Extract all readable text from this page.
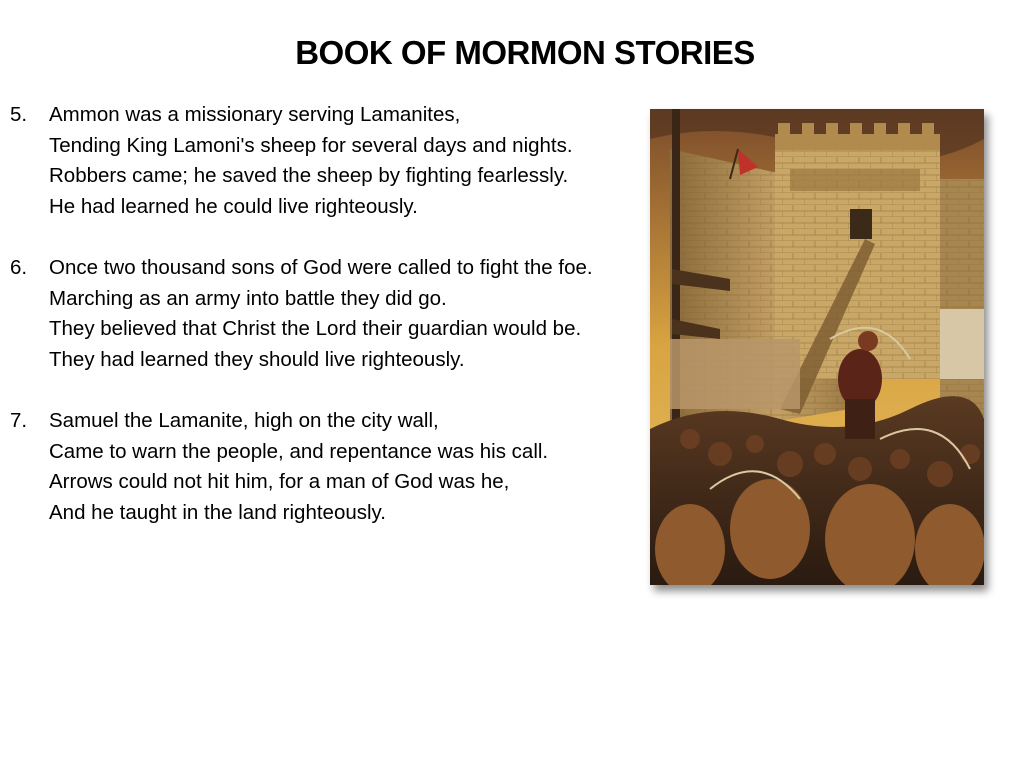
BOOK OF MORMON STORIES
5.	Ammon was a missionary serving Lamanites,
Tending King Lamoni's sheep for several days and nights.
Robbers came; he saved the sheep by fighting fearlessly.
He had learned he could live righteously.
6.	Once two thousand sons of God were called to fight the foe.
Marching as an army into battle they did go.
They believed that Christ the Lord their guardian would be.
They had learned they should live righteously.
7.	Samuel the Lamanite, high on the city wall,
Came to warn the people, and repentance was his call.
Arrows could not hit him, for a man of God was he,
And he taught in the land righteously.
